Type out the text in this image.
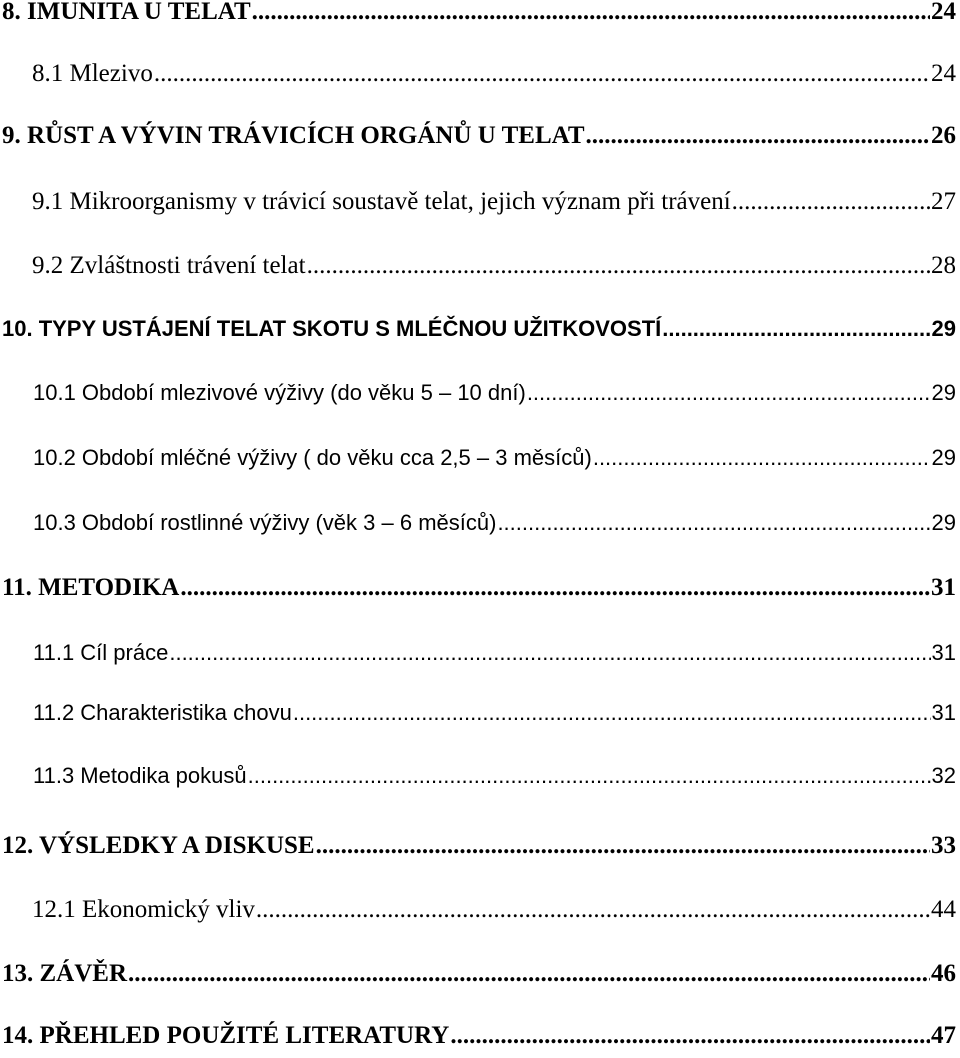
8. IMUNITA U TELAT .....	24
8.1 Mlezivo .....	24
9. RŮST A VÝVIN TRÁVICÍCH ORGÁNŮ U TELAT .....	26
9.1 Mikroorganismy v trávicí soustavě telat, jejich význam při trávení .....	27
9.2 Zvláštnosti trávení telat .....	28
10. TYPY USTÁJENÍ TELAT SKOTU S MLÉČNOU UŽITKOVOSTÍ .....	29
10.1 Období mlezivové výživy (do věku 5 – 10 dní) .....	29
10.2 Období mléčné výživy ( do věku cca 2,5 – 3 měsíců) .....	29
10.3 Období rostlinné výživy (věk 3 – 6 měsíců) .....	29
11. METODIKA .....	31
11.1 Cíl práce .....	31
11.2 Charakteristika chovu .....	31
11.3 Metodika pokusů .....	32
12. VÝSLEDKY A DISKUSE .....	33
12.1 Ekonomický vliv .....	44
13. ZÁVĚR .....	46
14. PŘEHLED POUŽITÉ LITERATURY .....	47
